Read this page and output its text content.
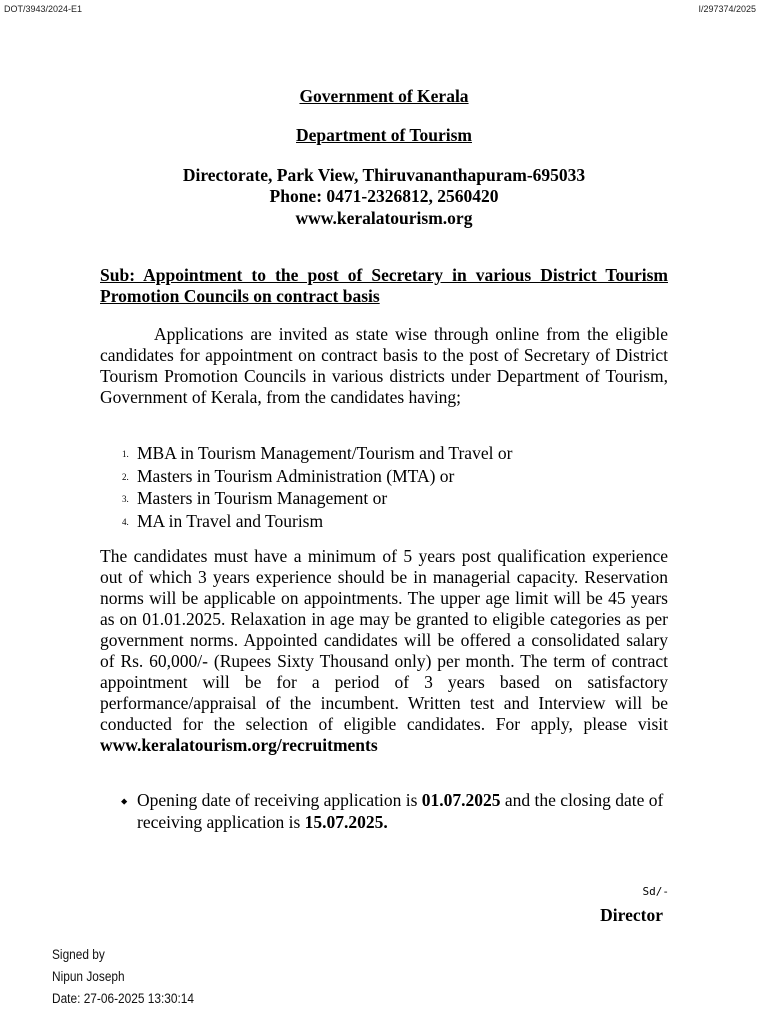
DOT/3943/2024-E1	I/297374/2025
Government of Kerala
Department of Tourism
Directorate, Park View, Thiruvananthapuram-695033
Phone: 0471-2326812, 2560420
www.keralatourism.org
Sub: Appointment to the post of Secretary in various District Tourism Promotion Councils on contract basis
Applications are invited as state wise through online from the eligible candidates for appointment on contract basis to the post of Secretary of District Tourism Promotion Councils in various districts under Department of Tourism, Government of Kerala, from the candidates having;
1. MBA in Tourism Management/Tourism and Travel or
2. Masters in Tourism Administration (MTA) or
3. Masters in Tourism Management or
4. MA in Travel and Tourism
The candidates must have a minimum of 5 years post qualification experience out of which 3 years experience should be in managerial capacity. Reservation norms will be applicable on appointments. The upper age limit will be 45 years as on 01.01.2025. Relaxation in age may be granted to eligible categories as per government norms. Appointed candidates will be offered a consolidated salary of Rs. 60,000/- (Rupees Sixty Thousand only) per month. The term of contract appointment will be for a period of 3 years based on satisfactory performance/appraisal of the incumbent. Written test and Interview will be conducted for the selection of eligible candidates. For apply, please visit www.keralatourism.org/recruitments
⬥ Opening date of receiving application is 01.07.2025 and the closing date of receiving application is 15.07.2025.
Sd/-
Director
Signed by
Nipun Joseph
Date: 27-06-2025 13:30:14
